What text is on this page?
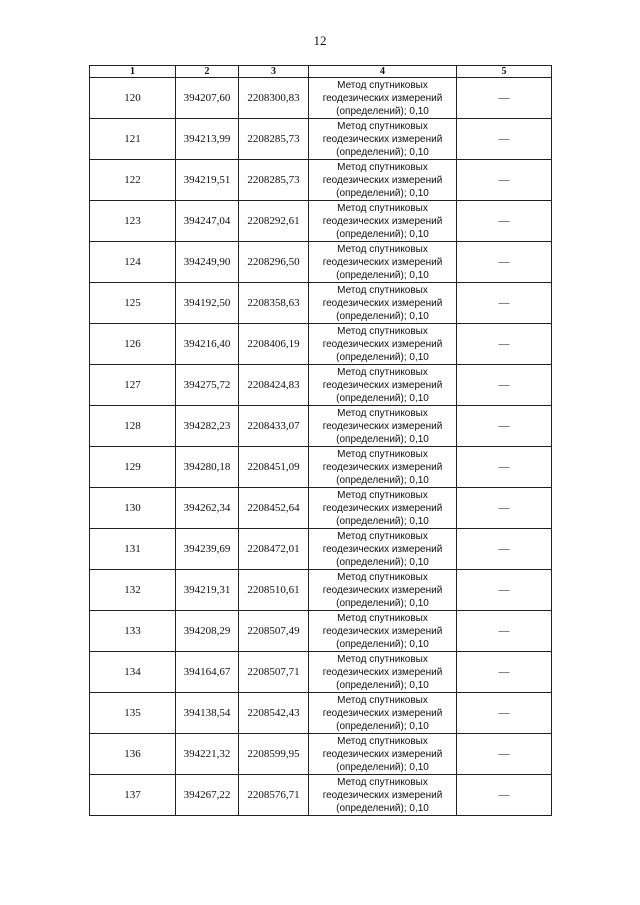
12
1	2	3	4	5
120	394207,60	2208300,83	Метод спутниковых
геодезических измерений
(определений); 0,10	—
121	394213,99	2208285,73	Метод спутниковых
геодезических измерений
(определений); 0,10	—
122	394219,51	2208285,73	Метод спутниковых
геодезических измерений
(определений); 0,10	—
123	394247,04	2208292,61	Метод спутниковых
геодезических измерений
(определений); 0,10	—
124	394249,90	2208296,50	Метод спутниковых
геодезических измерений
(определений); 0,10	—
125	394192,50	2208358,63	Метод спутниковых
геодезических измерений
(определений); 0,10	—
126	394216,40	2208406,19	Метод спутниковых
геодезических измерений
(определений); 0,10	—
127	394275,72	2208424,83	Метод спутниковых
геодезических измерений
(определений); 0,10	—
128	394282,23	2208433,07	Метод спутниковых
геодезических измерений
(определений); 0,10	—
129	394280,18	2208451,09	Метод спутниковых
геодезических измерений
(определений); 0,10	—
130	394262,34	2208452,64	Метод спутниковых
геодезических измерений
(определений); 0,10	—
131	394239,69	2208472,01	Метод спутниковых
геодезических измерений
(определений); 0,10	—
132	394219,31	2208510,61	Метод спутниковых
геодезических измерений
(определений); 0,10	—
133	394208,29	2208507,49	Метод спутниковых
геодезических измерений
(определений); 0,10	—
134	394164,67	2208507,71	Метод спутниковых
геодезических измерений
(определений); 0,10	—
135	394138,54	2208542,43	Метод спутниковых
геодезических измерений
(определений); 0,10	—
136	394221,32	2208599,95	Метод спутниковых
геодезических измерений
(определений); 0,10	—
137	394267,22	2208576,71	Метод спутниковых
геодезических измерений
(определений); 0,10	—
